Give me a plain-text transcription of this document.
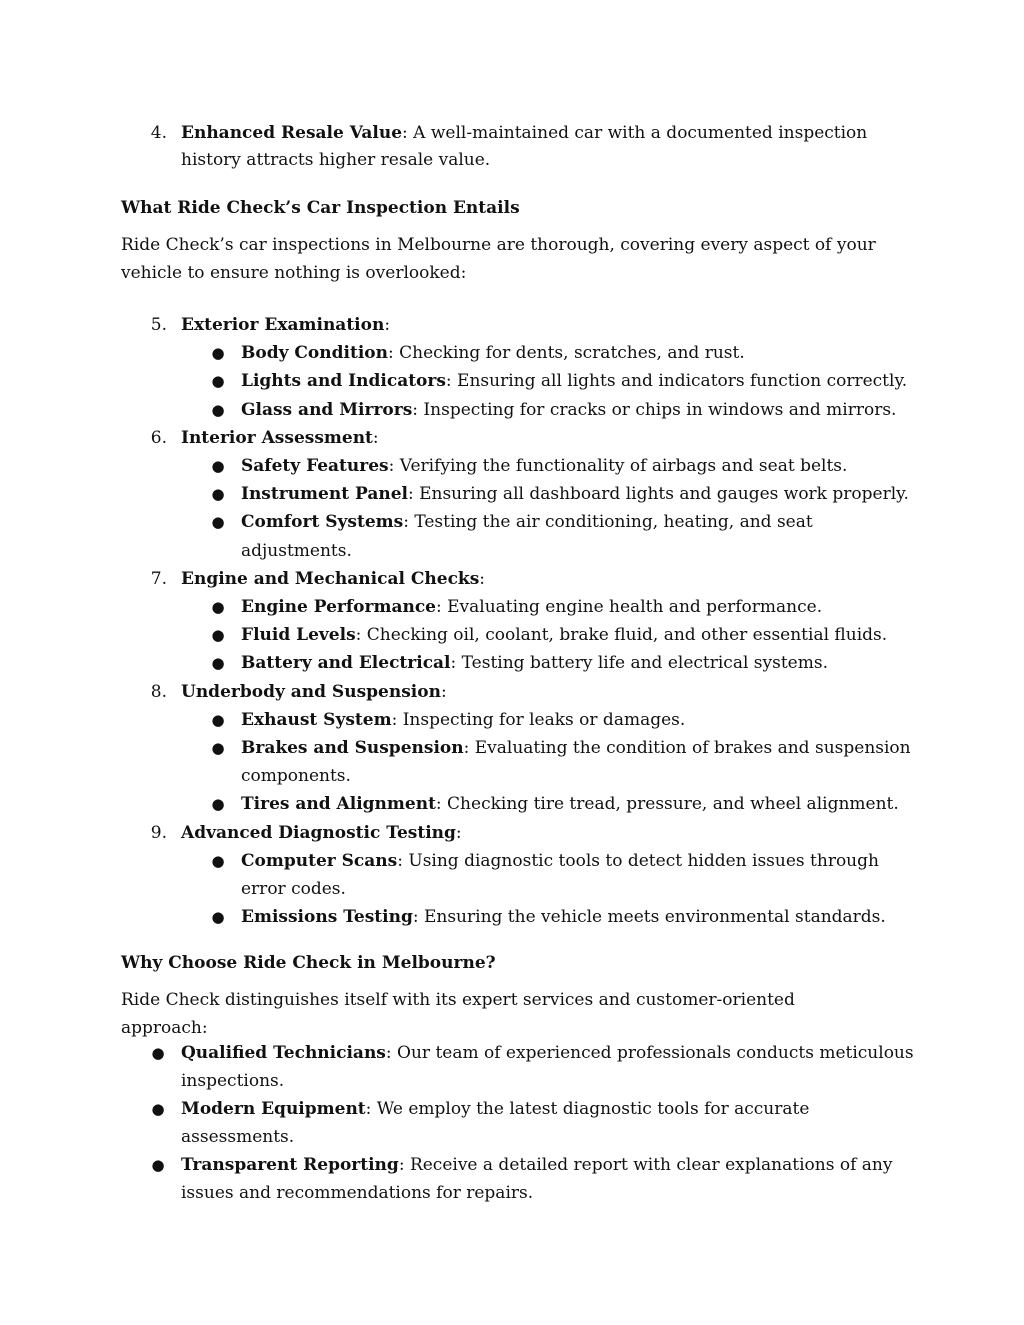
4. Enhanced Resale Value: A well-maintained car with a documented inspection
history attracts higher resale value.
What Ride Check’s Car Inspection Entails
Ride Check’s car inspections in Melbourne are thorough, covering every aspect of your
vehicle to ensure nothing is overlooked:
5. Exterior Examination:
● Body Condition: Checking for dents, scratches, and rust.
● Lights and Indicators: Ensuring all lights and indicators function correctly.
● Glass and Mirrors: Inspecting for cracks or chips in windows and mirrors.
6. Interior Assessment:
● Safety Features: Verifying the functionality of airbags and seat belts.
● Instrument Panel: Ensuring all dashboard lights and gauges work properly.
● Comfort Systems: Testing the air conditioning, heating, and seat
adjustments.
7. Engine and Mechanical Checks:
● Engine Performance: Evaluating engine health and performance.
● Fluid Levels: Checking oil, coolant, brake fluid, and other essential fluids.
● Battery and Electrical: Testing battery life and electrical systems.
8. Underbody and Suspension:
● Exhaust System: Inspecting for leaks or damages.
● Brakes and Suspension: Evaluating the condition of brakes and suspension
components.
● Tires and Alignment: Checking tire tread, pressure, and wheel alignment.
9. Advanced Diagnostic Testing:
● Computer Scans: Using diagnostic tools to detect hidden issues through
error codes.
● Emissions Testing: Ensuring the vehicle meets environmental standards.
Why Choose Ride Check in Melbourne?
Ride Check distinguishes itself with its expert services and customer-oriented approach:
● Qualified Technicians: Our team of experienced professionals conducts meticulous
inspections.
● Modern Equipment: We employ the latest diagnostic tools for accurate
assessments.
● Transparent Reporting: Receive a detailed report with clear explanations of any
issues and recommendations for repairs.
